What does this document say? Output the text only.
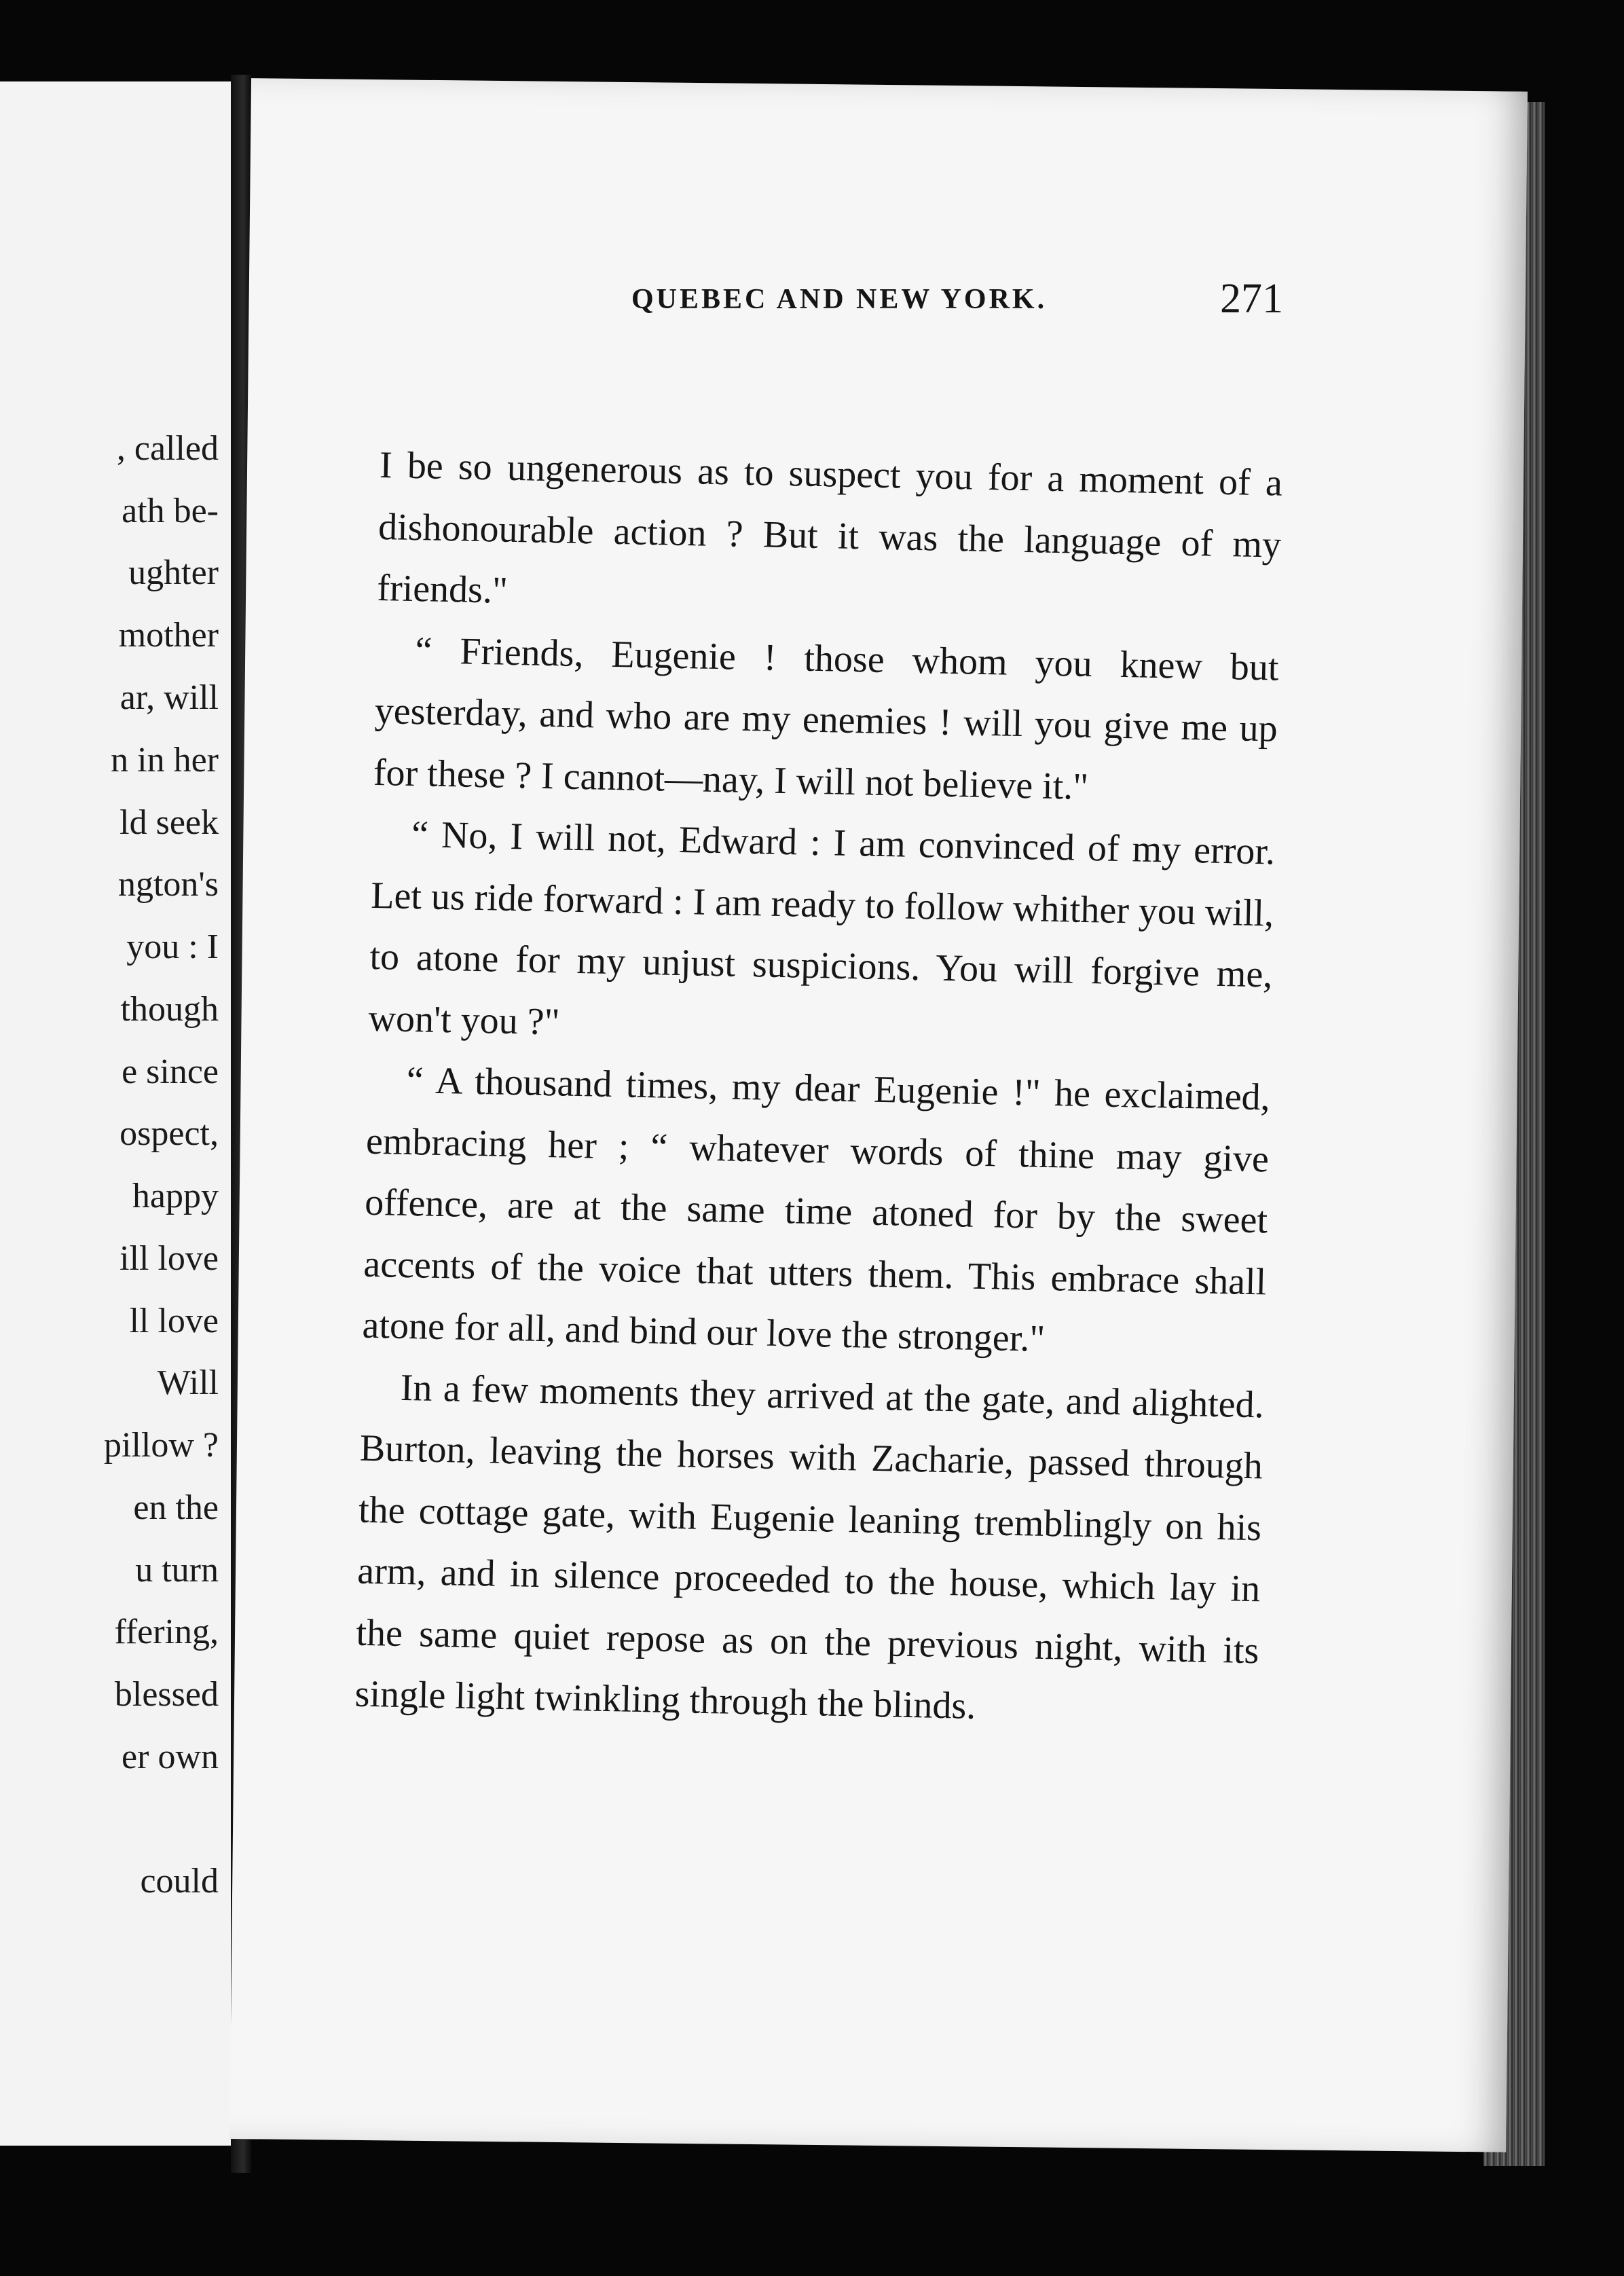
, called
ath be-
ughter
mother
ar, will
n in her
ld seek
ngton's
you : I
though
e since
ospect,
happy
ill love
ll love
Will
pillow ?
en the
u turn
ffering,
blessed
er own
could
QUEBEC AND NEW YORK.	271

I be so ungenerous as to suspect you for a moment of a dishonourable action ? But it was the language of my friends."

“ Friends, Eugenie ! those whom you knew but yesterday, and who are my enemies ! will you give me up for these ? I cannot—nay, I will not believe it."

“ No, I will not, Edward : I am convinced of my error. Let us ride forward : I am ready to follow whither you will, to atone for my unjust suspicions. You will forgive me, won't you ?"

“ A thousand times, my dear Eugenie !" he exclaimed, embracing her ; “ whatever words of thine may give offence, are at the same time atoned for by the sweet accents of the voice that utters them. This embrace shall atone for all, and bind our love the stronger."

In a few moments they arrived at the gate, and alighted. Burton, leaving the horses with Zacharie, passed through the cottage gate, with Eugenie leaning tremblingly on his arm, and in silence proceeded to the house, which lay in the same quiet repose as on the previous night, with its single light twinkling through the blinds.
